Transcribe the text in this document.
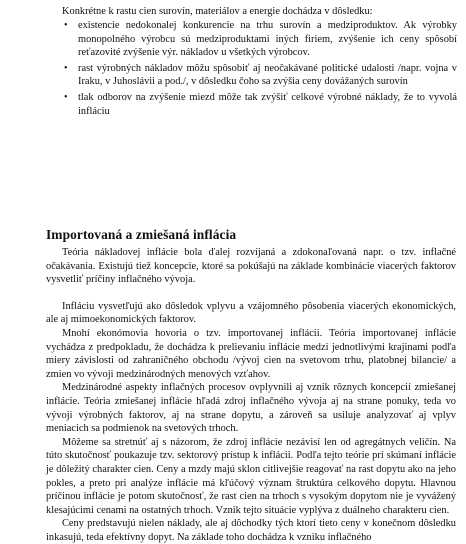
Konkrétne k rastu cien surovín, materiálov a energie dochádza v dôsledku:
• existencie nedokonalej konkurencie na trhu surovín a medziproduktov. Ak výrobky monopolného výrobcu sú medziproduktami iných firiem, zvýšenie ich ceny spôsobí reťazovité zvýšenie výr. nákladov u všetkých výrobcov.
• rast výrobných nákladov môžu spôsobiť aj neočakávané politické udalosti /napr. vojna v Iraku, v Juhoslávii a pod./, v dôsledku čoho sa zvýšia ceny dovážaných surovín
• tlak odborov na zvýšenie miezd môže tak zvýšiť celkové výrobné náklady, že to vyvolá infláciu
Importovaná a zmiešaná inflácia

Teória nákladovej inflácie bola ďalej rozvíjaná a zdokonaľovaná napr. o tzv. inflačné očakávania. Existujú tiež koncepcie, ktoré sa pokúšajú na základe kombinácie viacerých faktorov vysvetliť príčiny inflačného vývoja.

Infláciu vysvetľujú ako dôsledok vplyvu a vzájomného pôsobenia viacerých ekonomických, ale aj mimoekonomických faktorov.

Mnohí ekonómovia hovoria o tzv. importovanej inflácii. Teória importovanej inflácie vychádza z predpokladu, že dochádza k prelievaniu inflácie medzi jednotlivými krajinami podľa miery závislosti od zahraničného obchodu /vývoj cien na svetovom trhu, platobnej bilancie/ a zmien vo vývoji medzinárodných menových vzťahov.

Medzinárodné aspekty inflačných procesov ovplyvnili aj vznik rôznych koncepcií zmiešanej inflácie. Teória zmiešanej inflácie hľadá zdroj inflačného vývoja aj na strane ponuky, teda vo vývoji výrobných faktorov, aj na strane dopytu, a zároveň sa usiluje analyzovať aj vplyv meniacich sa podmienok na svetových trhoch.

Môžeme sa stretnúť aj s názorom, že zdroj inflácie nezávisí len od agregátnych veličín. Na túto skutočnosť poukazuje tzv. sektorový prístup k inflácii. Podľa tejto teórie pri skúmaní inflácie je dôležitý charakter cien. Ceny a mzdy majú sklon citlivejšie reagovať na rast dopytu ako na jeho pokles, a preto pri analýze inflácie má kľúčový význam štruktúra celkového dopytu. Hlavnou príčinou inflácie je potom skutočnosť, že rast cien na trhoch s vysokým dopytom nie je vyvážený klesajúcimi cenami na ostatných trhoch. Vznik tejto situácie vyplýva z duálneho charakteru cien.

Ceny predstavujú nielen náklady, ale aj dôchodky tých ktorí tieto ceny v konečnom dôsledku inkasujú, teda efektívny dopyt. Na základe toho dochádza k vzniku inflačného
